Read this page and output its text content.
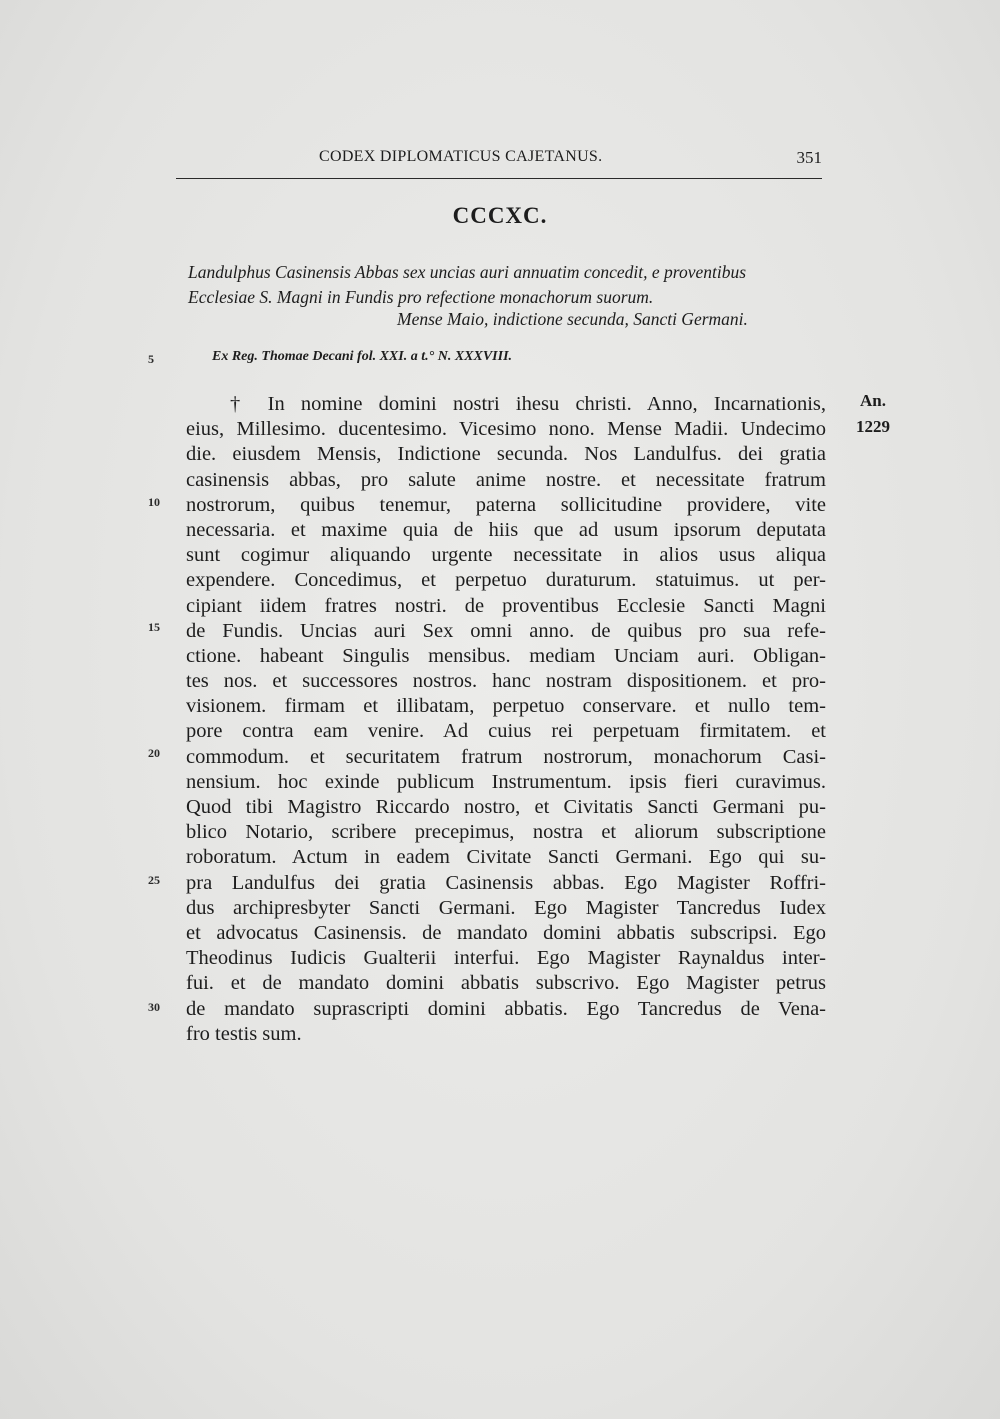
CODEX DIPLOMATICUS CAJETANUS.	351
CCCXC.
Landulphus Casinensis Abbas sex uncias auri annuatim concedit, e proventibus
Ecclesiae S. Magni in Fundis pro refectione monachorum suorum.
Mense Maio, indictione secunda, Sancti Germani.
Ex Reg. Thomae Decani fol. XXI. a t.° N. XXXVIII.
5
10
15
20
25
30
An.
1229
† In nomine domini nostri ihesu christi. Anno, Incarnationis,
eius, Millesimo. ducentesimo. Vicesimo nono. Mense Madii. Undecimo
die. eiusdem Mensis, Indictione secunda. Nos Landulfus. dei gratia
casinensis abbas, pro salute anime nostre. et necessitate fratrum
nostrorum, quibus tenemur, paterna sollicitudine providere, vite
necessaria. et maxime quia de hiis que ad usum ipsorum deputata
sunt cogimur aliquando urgente necessitate in alios usus aliqua
expendere. Concedimus, et perpetuo duraturum. statuimus. ut per-
cipiant iidem fratres nostri. de proventibus Ecclesie Sancti Magni
de Fundis. Uncias auri Sex omni anno. de quibus pro sua refe-
ctione. habeant Singulis mensibus. mediam Unciam auri. Obligan-
tes nos. et successores nostros. hanc nostram dispositionem. et pro-
visionem. firmam et illibatam, perpetuo conservare. et nullo tem-
pore contra eam venire. Ad cuius rei perpetuam firmitatem. et
commodum. et securitatem fratrum nostrorum, monachorum Casi-
nensium. hoc exinde publicum Instrumentum. ipsis fieri curavimus.
Quod tibi Magistro Riccardo nostro, et Civitatis Sancti Germani pu-
blico Notario, scribere precepimus, nostra et aliorum subscriptione
roboratum. Actum in eadem Civitate Sancti Germani. Ego qui su-
pra Landulfus dei gratia Casinensis abbas. Ego Magister Roffri-
dus archipresbyter Sancti Germani. Ego Magister Tancredus Iudex
et advocatus Casinensis. de mandato domini abbatis subscripsi. Ego
Theodinus Iudicis Gualterii interfui. Ego Magister Raynaldus inter-
fui. et de mandato domini abbatis subscrivo. Ego Magister petrus
de mandato suprascripti domini abbatis. Ego Tancredus de Vena-
fro testis sum.
